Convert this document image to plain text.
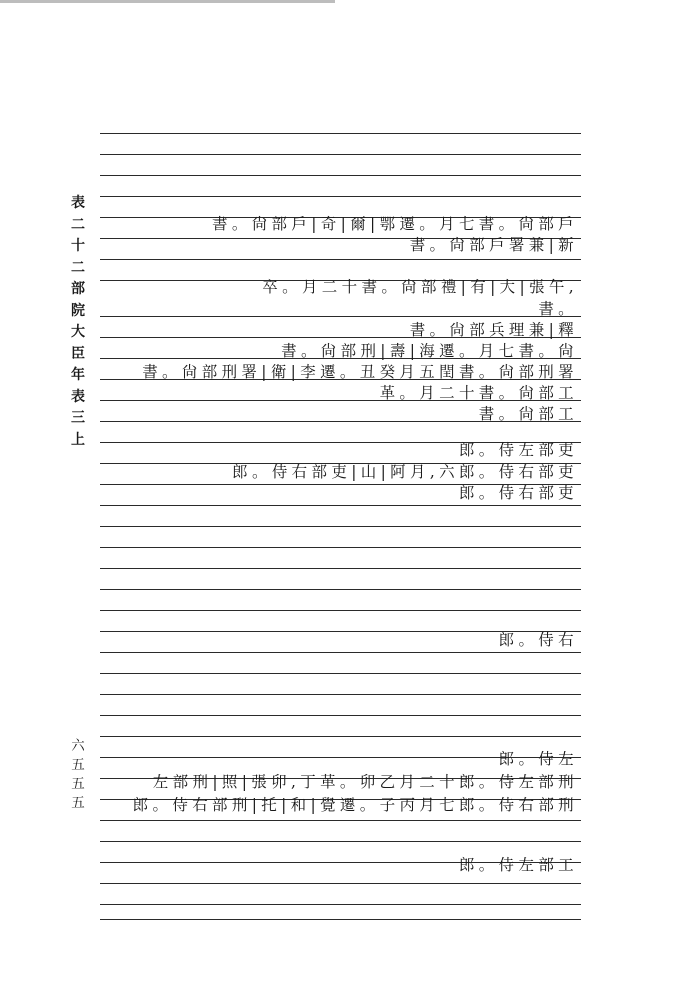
書。尙部戶|奇|爾|鄂遷。月七書。尙部戶
書。尙部戶署兼|新
卒。月二十書。尙部禮|有|大|張午,
書。
書。尙部兵理兼|釋
書。尙部刑|壽|海遷。月七書。尙
書。尙部刑署|衛|李遷。丑癸月五閏書。尙部刑署
革。月二十書。尙部工
書。尙部工
郎。侍左部吏
郎。侍右部吏|山|阿月,六郎。侍右部吏
郎。侍右部吏
郎。侍右
郎。侍左
左部刑|照|張卯,丁革。卯乙月二十郎。侍左部刑
郎。侍右部刑|托|和|覺遷。子丙月七郎。侍右部刑
郎。侍左部工
表二十二 部院大臣年表三上
六五五五
